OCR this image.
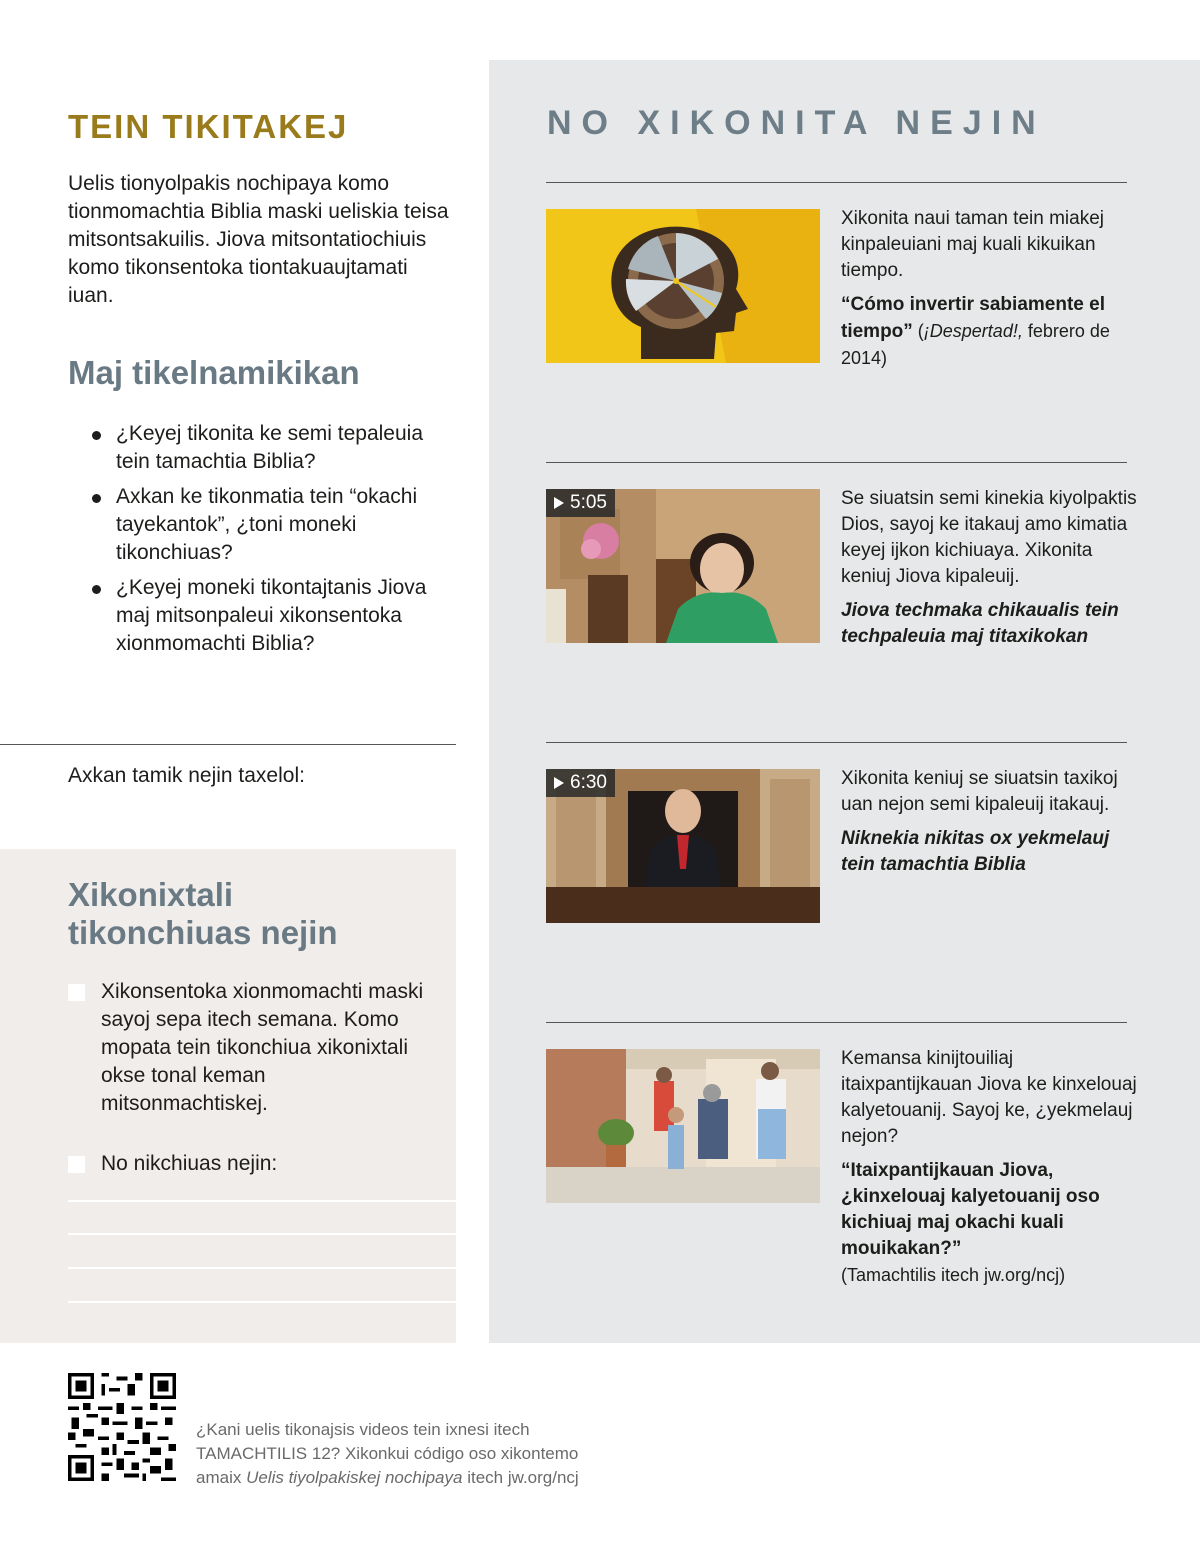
TEIN TIKITAKEJ

Uelis tionyolpakis nochipaya komo tionmomachtia Biblia maski ueliskia teisa mitsontsakuilis. Jiova mitsontatiochiuis komo tikonsentoka tiontakuaujtamati iuan.

Maj tikelnamikikan
¿Keyej tikonita ke semi tepaleuia tein tamachtia Biblia?
Axkan ke tikonmatia tein “okachi tayekantok”, ¿toni moneki tikonchiuas?
¿Keyej moneki tikontajtanis Jiova maj mitsonpaleui xikonsentoka xionmomachti Biblia?
Axkan tamik nejin taxelol:
Xikonixtali
tikonchiuas nejin
Xikonsentoka xionmomachti maski sayoj sepa itech semana. Komo mopata tein tikonchiua xikonixtali okse tonal keman mitsonmachtiskej.
No nikchiuas nejin:
NO XIKONITA NEJIN
Xikonita naui taman tein miakej kinpaleuiani maj kuali kikuikan tiempo.
“Cómo invertir sabiamente el tiempo” (¡Despertad!, febrero de 2014)
5:05	Se siuatsin semi kinekia kiyolpaktis Dios, sayoj ke itakauj amo kimatia keyej ijkon kichiuaya. Xikonita keniuj Jiova kipaleuij.
Jiova techmaka chikaualis tein techpaleuia maj titaxikokan
6:30	Xikonita keniuj se siuatsin taxikoj uan nejon semi kipaleuij itakauj.
Niknekia nikitas ox yekmelauj tein tamachtia Biblia
Kemansa kinijtouiliaj itaixpantijkauan Jiova ke kinxelouaj kalyetouanij. Sayoj ke, ¿yekmelauj nejon?
“Itaixpantijkauan Jiova, ¿kinxelouaj kalyetouanij oso kichiuaj maj okachi kuali mouikakan?”
(Tamachtilis itech jw.org/ncj)
¿Kani uelis tikonajsis videos tein ixnesi itech
TAMACHTILIS 12? Xikonkui código oso xikontemo
amaix Uelis tiyolpakiskej nochipaya itech jw.org/ncj
